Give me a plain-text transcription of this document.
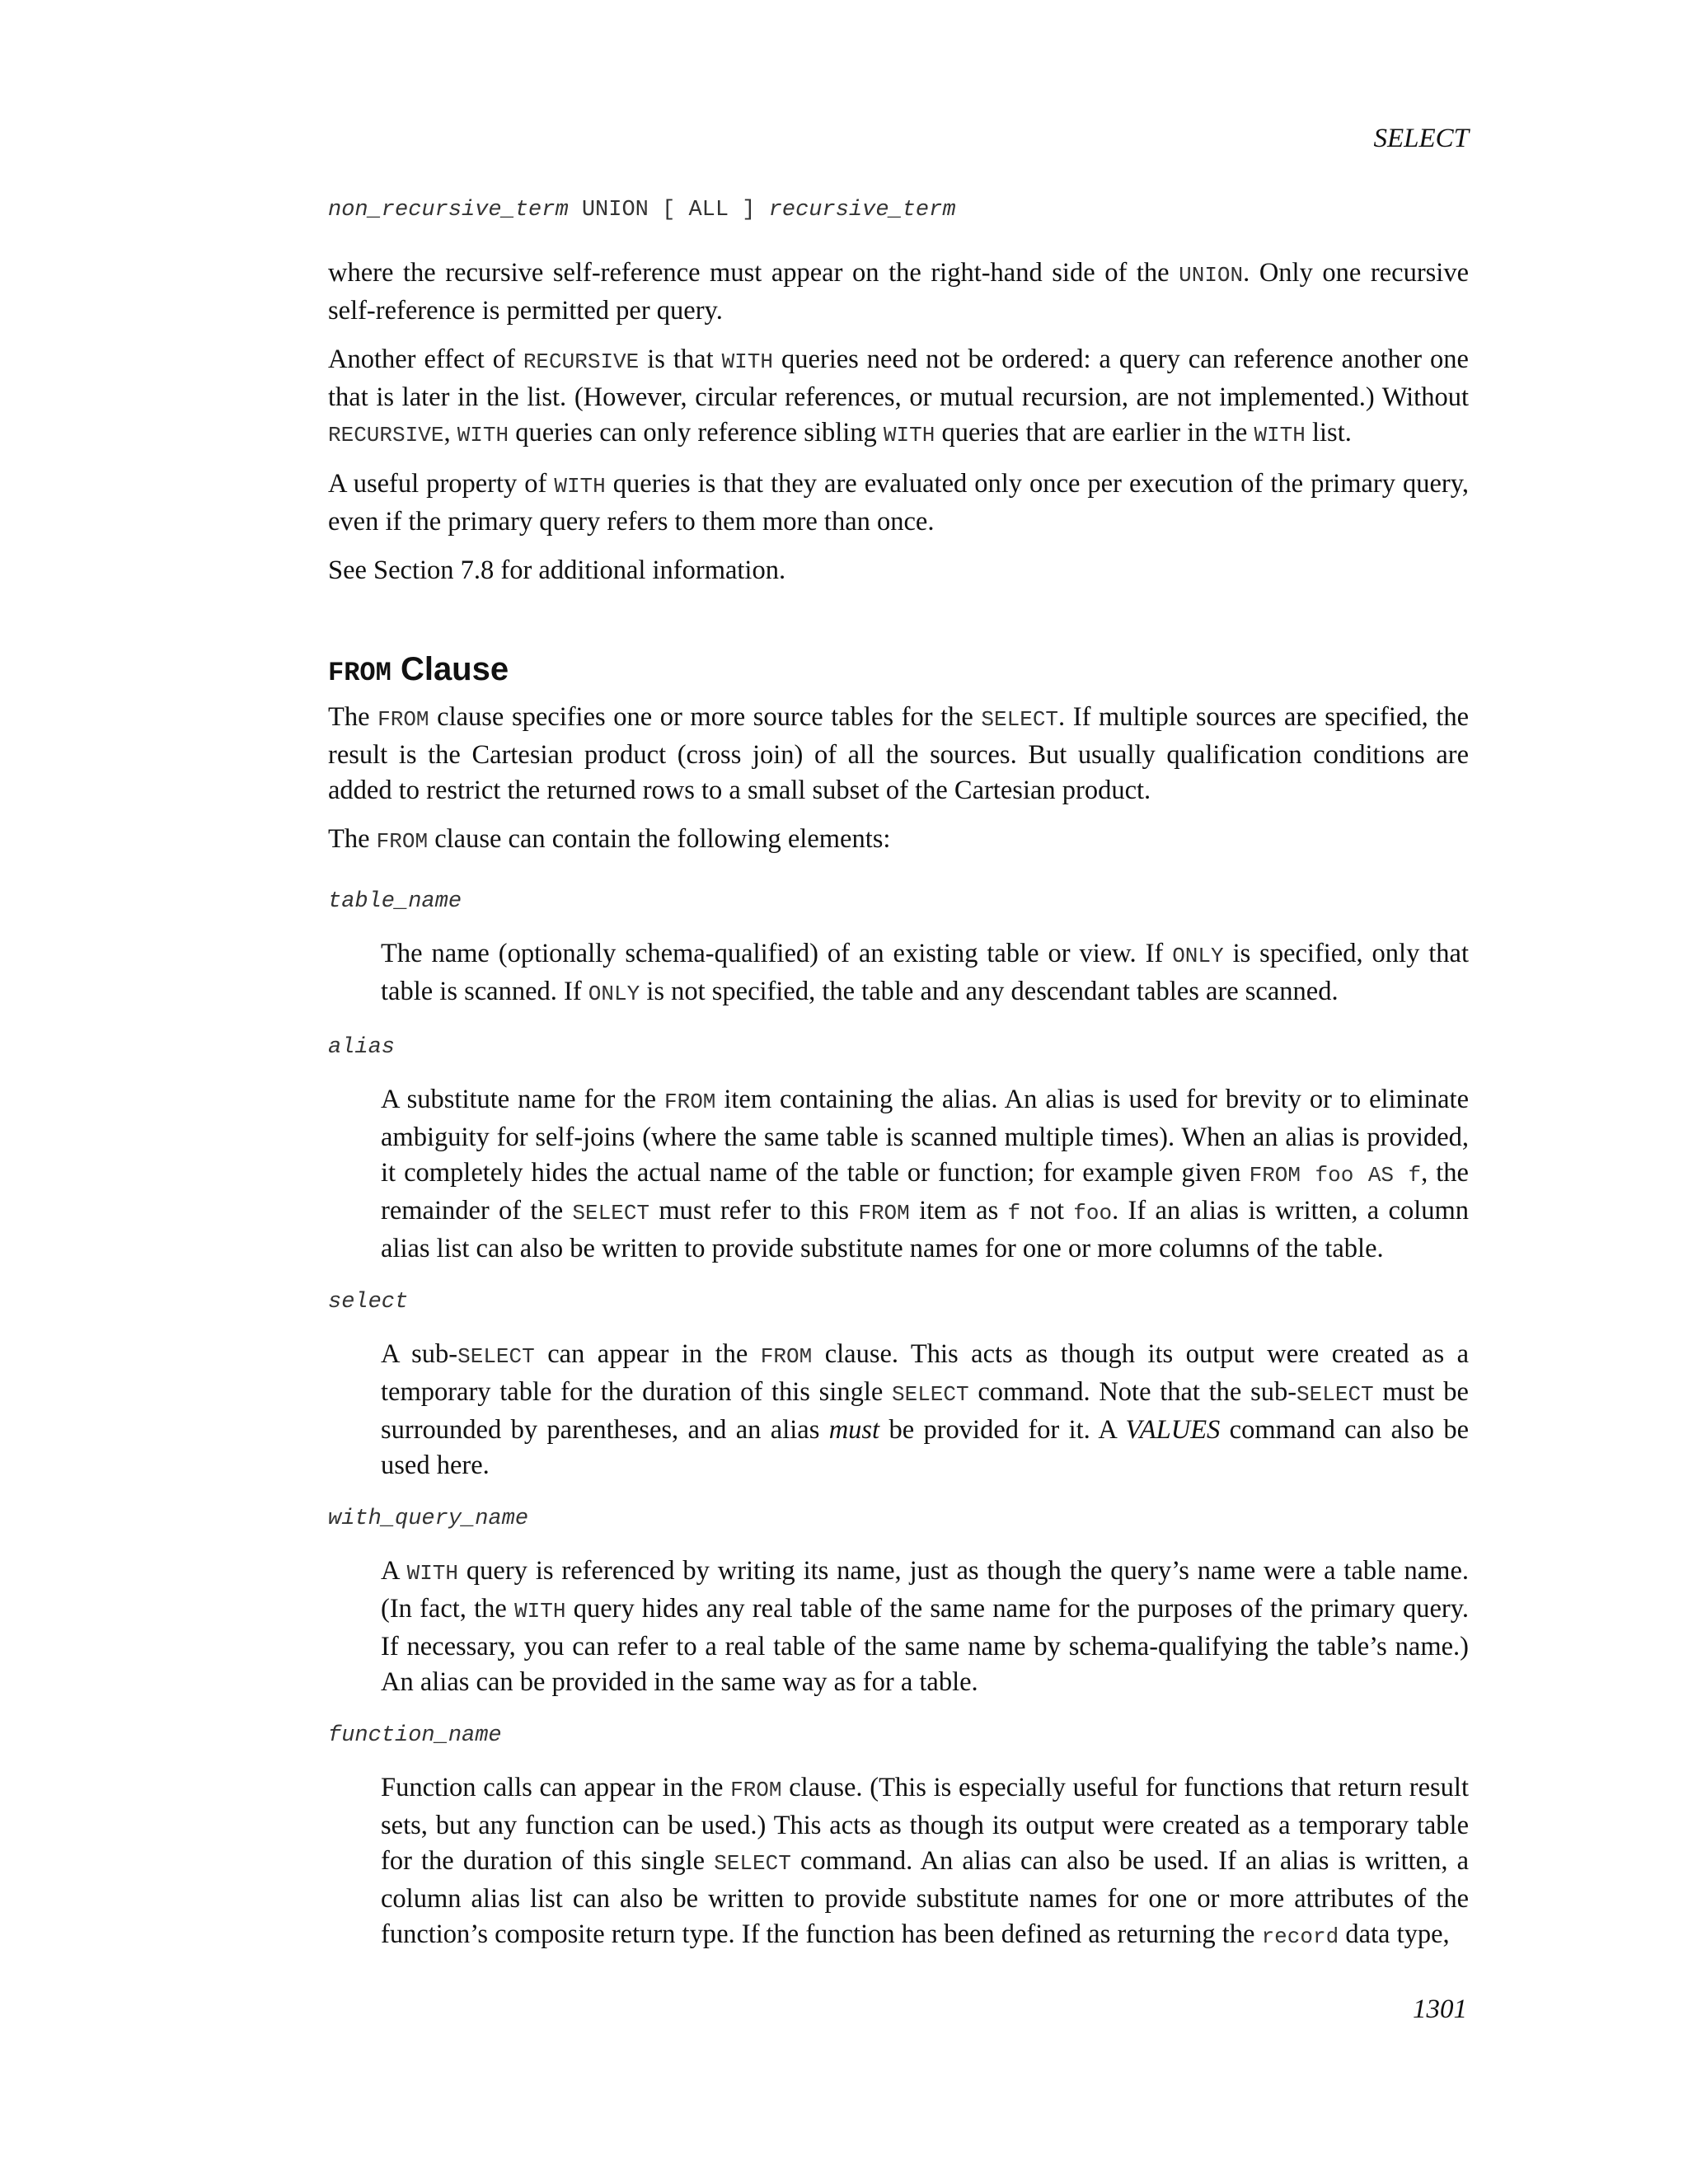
SELECT
non_recursive_term UNION [ ALL ] recursive_term

where the recursive self-reference must appear on the right-hand side of the UNION. Only one recursive self-reference is permitted per query.

Another effect of RECURSIVE is that WITH queries need not be ordered: a query can reference another one that is later in the list. (However, circular references, or mutual recursion, are not implemented.) Without RECURSIVE, WITH queries can only reference sibling WITH queries that are earlier in the WITH list.

A useful property of WITH queries is that they are evaluated only once per execution of the primary query, even if the primary query refers to them more than once.

See Section 7.8 for additional information.

FROM Clause

The FROM clause specifies one or more source tables for the SELECT. If multiple sources are specified, the result is the Cartesian product (cross join) of all the sources. But usually qualification conditions are added to restrict the returned rows to a small subset of the Cartesian product.

The FROM clause can contain the following elements:

table_name

The name (optionally schema-qualified) of an existing table or view. If ONLY is specified, only that table is scanned. If ONLY is not specified, the table and any descendant tables are scanned.

alias

A substitute name for the FROM item containing the alias. An alias is used for brevity or to eliminate ambiguity for self-joins (where the same table is scanned multiple times). When an alias is provided, it completely hides the actual name of the table or function; for example given FROM foo AS f, the remainder of the SELECT must refer to this FROM item as f not foo. If an alias is written, a column alias list can also be written to provide substitute names for one or more columns of the table.

select

A sub-SELECT can appear in the FROM clause. This acts as though its output were created as a temporary table for the duration of this single SELECT command. Note that the sub-SELECT must be surrounded by parentheses, and an alias must be provided for it. A VALUES command can also be used here.

with_query_name

A WITH query is referenced by writing its name, just as though the query’s name were a table name. (In fact, the WITH query hides any real table of the same name for the purposes of the primary query. If necessary, you can refer to a real table of the same name by schema-qualifying the table’s name.) An alias can be provided in the same way as for a table.

function_name

Function calls can appear in the FROM clause. (This is especially useful for functions that return result sets, but any function can be used.) This acts as though its output were created as a temporary table for the duration of this single SELECT command. An alias can also be used. If an alias is written, a column alias list can also be written to provide substitute names for one or more attributes of the function’s composite return type. If the function has been defined as returning the record data type,

1301
